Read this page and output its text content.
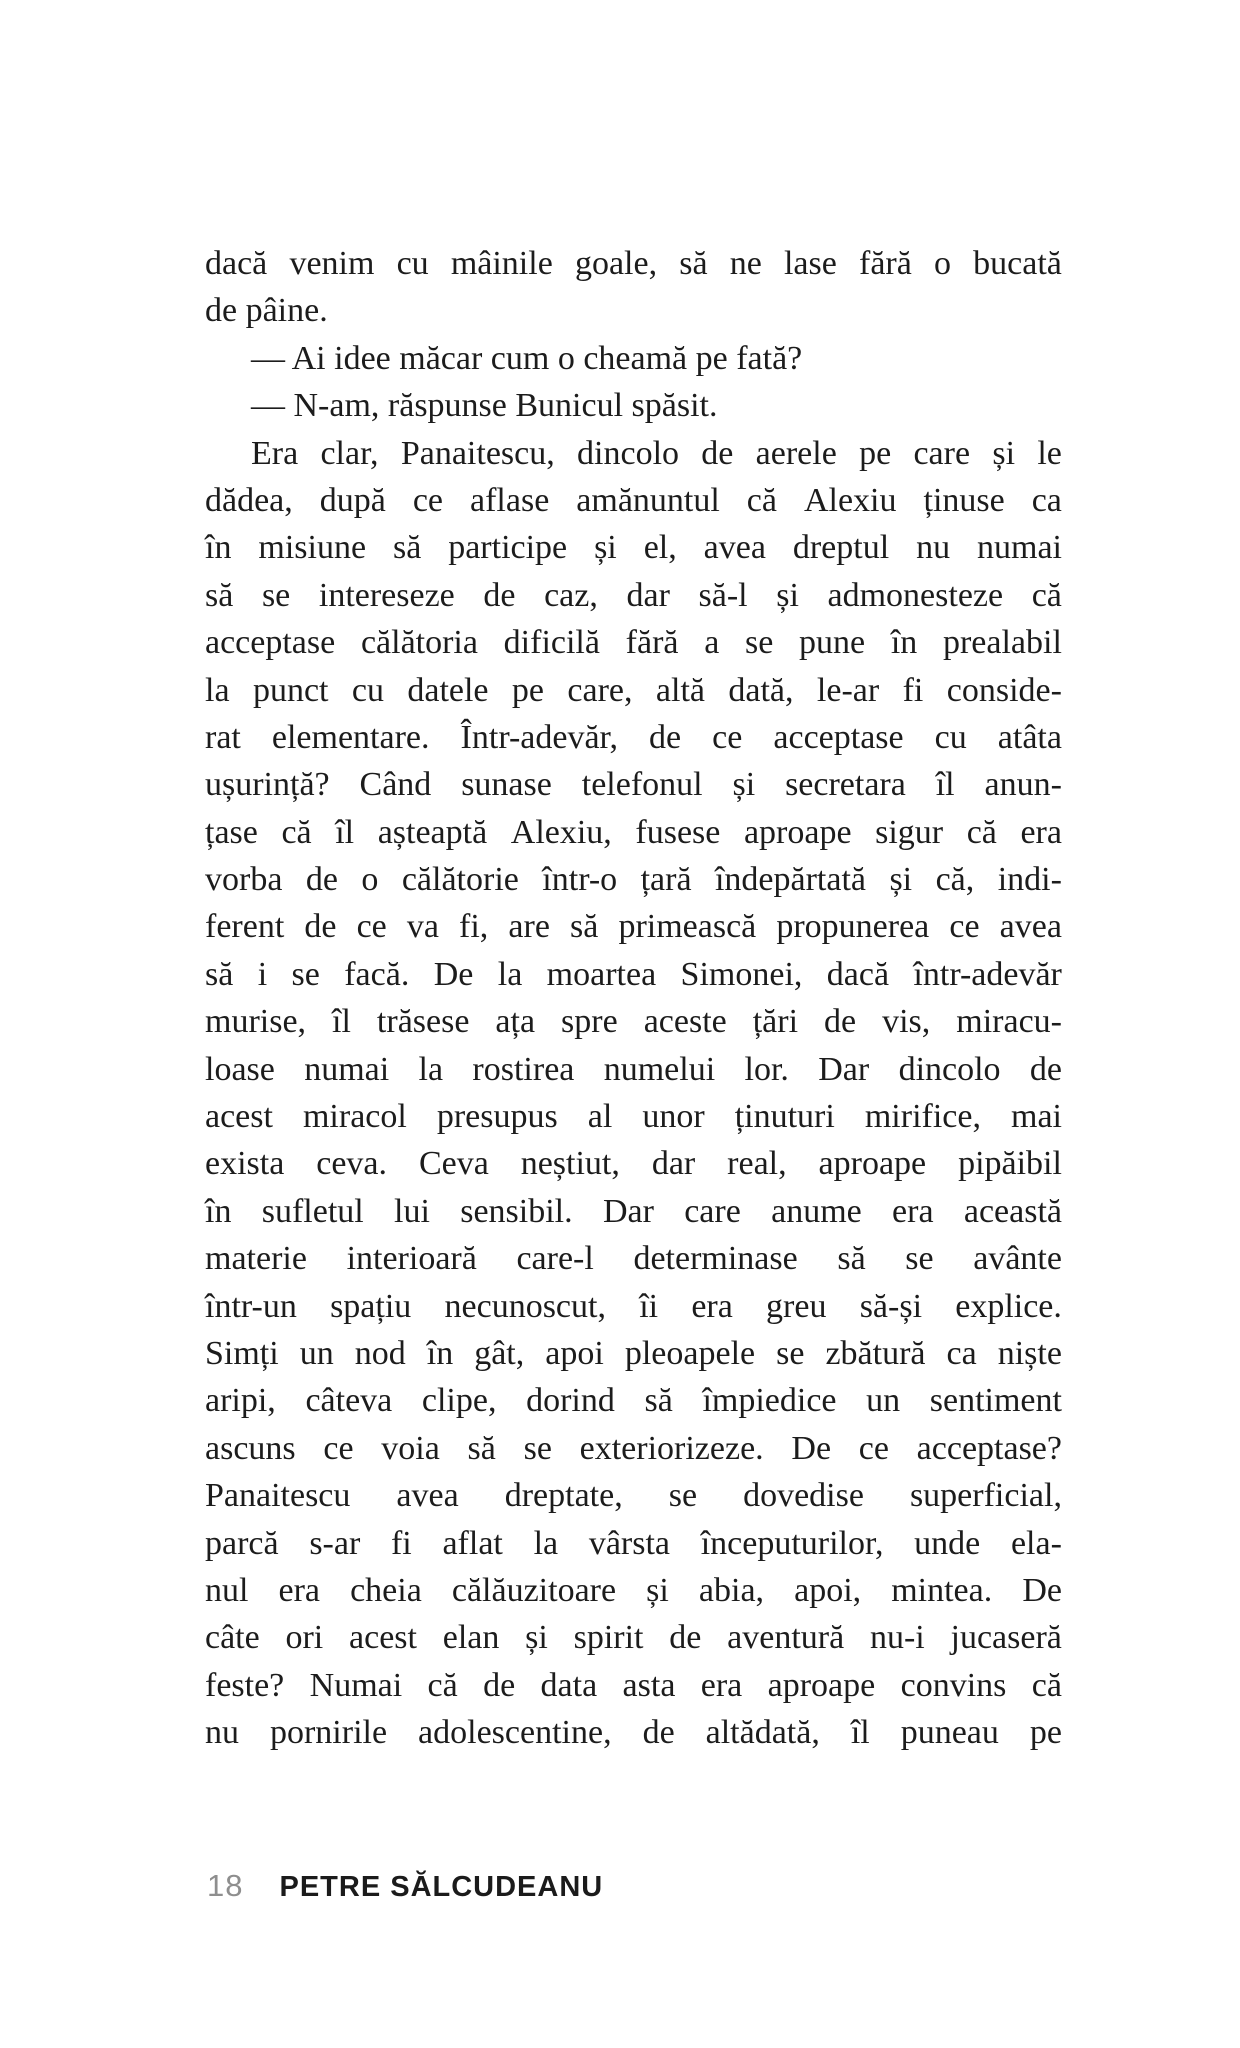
dacă venim cu mâinile goale, să ne lase fără o bucată
de pâine.
— Ai idee măcar cum o cheamă pe fată?
— N-am, răspunse Bunicul spăsit.
Era clar, Panaitescu, dincolo de aerele pe care și le
dădea, după ce aflase amănuntul că Alexiu ținuse ca
în misiune să participe și el, avea dreptul nu numai
să se intereseze de caz, dar să-l și admonesteze că
acceptase călătoria dificilă fără a se pune în prealabil
la punct cu datele pe care, altă dată, le-ar fi conside-
rat elementare. Într-adevăr, de ce acceptase cu atâta
ușurință? Când sunase telefonul și secretara îl anun-
țase că îl așteaptă Alexiu, fusese aproape sigur că era
vorba de o călătorie într-o țară îndepărtată și că, indi-
ferent de ce va fi, are să primească propunerea ce avea
să i se facă. De la moartea Simonei, dacă într-adevăr
murise, îl trăsese ața spre aceste țări de vis, miracu-
loase numai la rostirea numelui lor. Dar dincolo de
acest miracol presupus al unor ținuturi mirifice, mai
exista ceva. Ceva neștiut, dar real, aproape pipăibil
în sufletul lui sensibil. Dar care anume era această
materie interioară care-l determinase să se avânte
într-un spațiu necunoscut, îi era greu să-și explice.
Simți un nod în gât, apoi pleoapele se zbătură ca niște
aripi, câteva clipe, dorind să împiedice un sentiment
ascuns ce voia să se exteriorizeze. De ce acceptase?
Panaitescu avea dreptate, se dovedise superficial,
parcă s-ar fi aflat la vârsta începuturilor, unde ela-
nul era cheia călăuzitoare și abia, apoi, mintea. De
câte ori acest elan și spirit de aventură nu-i jucaseră
feste? Numai că de data asta era aproape convins că
nu pornirile adolescentine, de altădată, îl puneau pe
18 PETRE SĂLCUDEANU
